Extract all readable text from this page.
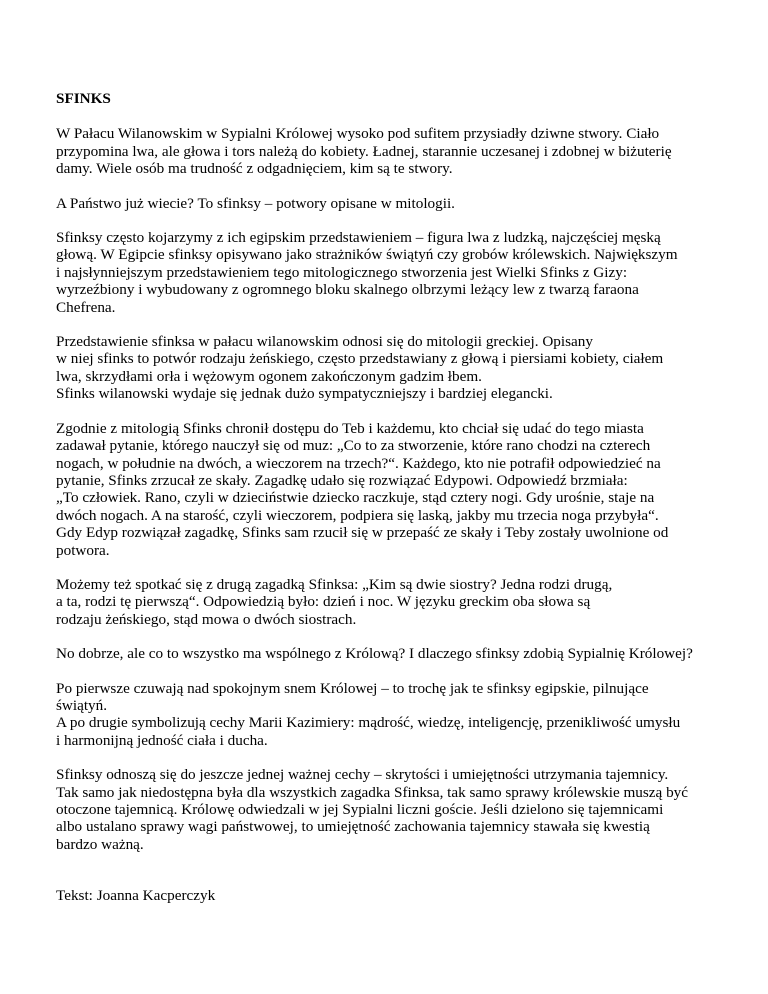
SFINKS
W Pałacu Wilanowskim w Sypialni Królowej wysoko pod sufitem przysiadły dziwne stwory. Ciało
przypomina lwa, ale głowa i tors należą do kobiety. Ładnej, starannie uczesanej i zdobnej w biżuterię
damy. Wiele osób ma trudność z odgadnięciem, kim są te stwory.
A Państwo już wiecie? To sfinksy – potwory opisane w mitologii.
Sfinksy często kojarzymy z ich egipskim przedstawieniem – figura lwa z ludzką, najczęściej męską
głową. W Egipcie sfinksy opisywano jako strażników świątyń czy grobów królewskich. Największym
i najsłynniejszym przedstawieniem tego mitologicznego stworzenia jest Wielki Sfinks z Gizy:
wyrzeźbiony i wybudowany z ogromnego bloku skalnego olbrzymi leżący lew z twarzą faraona
Chefrena.
Przedstawienie sfinksa w pałacu wilanowskim odnosi się do mitologii greckiej. Opisany
w niej sfinks to potwór rodzaju żeńskiego, często przedstawiany z głową i piersiami kobiety, ciałem
lwa, skrzydłami orła i wężowym ogonem zakończonym gadzim łbem.
Sfinks wilanowski wydaje się jednak dużo sympatyczniejszy i bardziej elegancki.
Zgodnie z mitologią Sfinks chronił dostępu do Teb i każdemu, kto chciał się udać do tego miasta
zadawał pytanie, którego nauczył się od muz: „Co to za stworzenie, które rano chodzi na czterech
nogach, w południe na dwóch, a wieczorem na trzech?“. Każdego, kto nie potrafił odpowiedzieć na
pytanie, Sfinks zrzucał ze skały. Zagadkę udało się rozwiązać Edypowi. Odpowiedź brzmiała:
„To człowiek. Rano, czyli w dzieciństwie dziecko raczkuje, stąd cztery nogi. Gdy urośnie, staje na
dwóch nogach. A na starość, czyli wieczorem, podpiera się laską, jakby mu trzecia noga przybyła“.
Gdy Edyp rozwiązał zagadkę, Sfinks sam rzucił się w przepaść ze skały i Teby zostały uwolnione od
potwora.
Możemy też spotkać się z drugą zagadką Sfinksa: „Kim są dwie siostry? Jedna rodzi drugą,
a ta, rodzi tę pierwszą“. Odpowiedzią było: dzień i noc. W języku greckim oba słowa są
rodzaju żeńskiego, stąd mowa o dwóch siostrach.
No dobrze, ale co to wszystko ma wspólnego z Królową? I dlaczego sfinksy zdobią Sypialnię Królowej?
Po pierwsze czuwają nad spokojnym snem Królowej – to trochę jak te sfinksy egipskie, pilnujące
świątyń.
A po drugie symbolizują cechy Marii Kazimiery: mądrość, wiedzę, inteligencję, przenikliwość umysłu
i harmonijną jedność ciała i ducha.
Sfinksy odnoszą się do jeszcze jednej ważnej cechy – skrytości i umiejętności utrzymania tajemnicy.
Tak samo jak niedostępna była dla wszystkich zagadka Sfinksa, tak samo sprawy królewskie muszą być
otoczone tajemnicą. Królowę odwiedzali w jej Sypialni liczni goście. Jeśli dzielono się tajemnicami
albo ustalano sprawy wagi państwowej, to umiejętność zachowania tajemnicy stawała się kwestią
bardzo ważną.
Tekst: Joanna Kacperczyk
